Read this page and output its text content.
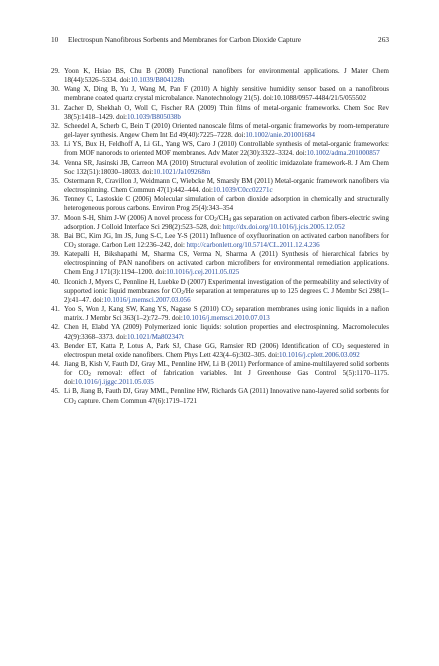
10	Electrospun Nanofibrous Sorbents and Membranes for Carbon Dioxide Capture	263
29. Yoon K, Hsiao BS, Chu B (2008) Functional nanofibers for environmental applications. J Mater Chem 18(44):5326–5334. doi:10.1039/B804128h
30. Wang X, Ding B, Yu J, Wang M, Pan F (2010) A highly sensitive humidity sensor based on a nanofibrous membrane coated quartz crystal microbalance. Nanotechnology 21(5). doi:10.1088/0957-4484/21/5/055502
31. Zacher D, Shekhah O, Woll C, Fischer RA (2009) Thin films of metal-organic frameworks. Chem Soc Rev 38(5):1418–1429. doi:10.1039/B805038b
32. Scheedel A, Scherb C, Bein T (2010) Oriented nanoscale films of metal-organic frameworks by room-temperature gel-layer synthesis. Angew Chem Int Ed 49(40):7225–7228. doi:10.1002/anie.201001684
33. Li YS, Bux H, Feldhoff A, Li GL, Yang WS, Caro J (2010) Controllable synthesis of metal-organic frameworks: from MOF nanorods to oriented MOF membranes. Adv Mater 22(30):3322–3324. doi:10.1002/adma.201000857
34. Venna SR, Jasinski JB, Carreon MA (2010) Structural evolution of zeolitic imidazolate framework-8. J Am Chem Soc 132(51):18030–18033. doi:10.1021/Ja109268m
35. Ostermann R, Cravillon J, Weidmann C, Wiebcke M, Smarsly BM (2011) Metal-organic framework nanofibers via electrospinning. Chem Commun 47(1):442–444. doi:10.1039/C0cc02271c
36. Tenney C, Lastoskie C (2006) Molecular simulation of carbon dioxide adsorption in chemically and structurally heterogeneous porous carbons. Environ Prog 25(4):343–354
37. Moon S-H, Shim J-W (2006) A novel process for $CO_2/CH_4$ gas separation on activated carbon fibers-electric swing adsorption. J Colloid Interface Sci 298(2):523–528, doi: http://dx.doi.org/10.1016/j.jcis.2005.12.052
38. Bai BC, Kim JG, Im JS, Jung S-C, Lee Y-S (2011) Influence of oxyfluorination on activated carbon nanofibers for $CO_2$ storage. Carbon Lett 12:236–242, doi: http://carbonlett.org/10.5714/CL.2011.12.4.236
39. Katepalli H, Bikshapathi M, Sharma CS, Verma N, Sharma A (2011) Synthesis of hierarchical fabrics by electrospinning of PAN nanofibers on activated carbon microfibers for environmental remediation applications. Chem Eng J 171(3):1194–1200. doi:10.1016/j.cej.2011.05.025
40. Ilconich J, Myers C, Pennline H, Luebke D (2007) Experimental investigation of the permeability and selectivity of supported ionic liquid membranes for $CO_2/He$ separation at temperatures up to 125 degrees C. J Membr Sci 298(1–2):41–47. doi:10.1016/j.memsci.2007.03.056
41. Yoo S, Won J, Kang SW, Kang YS, Nagase S (2010) $CO_2$ separation membranes using ionic liquids in a nafion matrix. J Membr Sci 363(1–2):72–79. doi:10.1016/j.memsci.2010.07.013
42. Chen H, Elabd YA (2009) Polymerized ionic liquids: solution properties and electrospinning. Macromolecules 42(9):3368–3373. doi:10.1021/Ma802347t
43. Bender ET, Katta P, Lotus A, Park SJ, Chase GG, Ramsier RD (2006) Identification of $CO_2$ sequestered in electrospun metal oxide nanofibers. Chem Phys Lett 423(4–6):302–305. doi:10.1016/j.cplett.2006.03.092
44. Jiang B, Kish V, Fauth DJ, Gray ML, Pennline HW, Li B (2011) Performance of amine-multilayered solid sorbents for $CO_2$ removal: effect of fabrication variables. Int J Greenhouse Gas Control 5(5):1170–1175. doi:10.1016/j.ijggc.2011.05.035
45. Li B, Jiang B, Fauth DJ, Gray MML, Pennline HW, Richards GA (2011) Innovative nano-layered solid sorbents for $CO_2$ capture. Chem Commun 47(6):1719–1721
